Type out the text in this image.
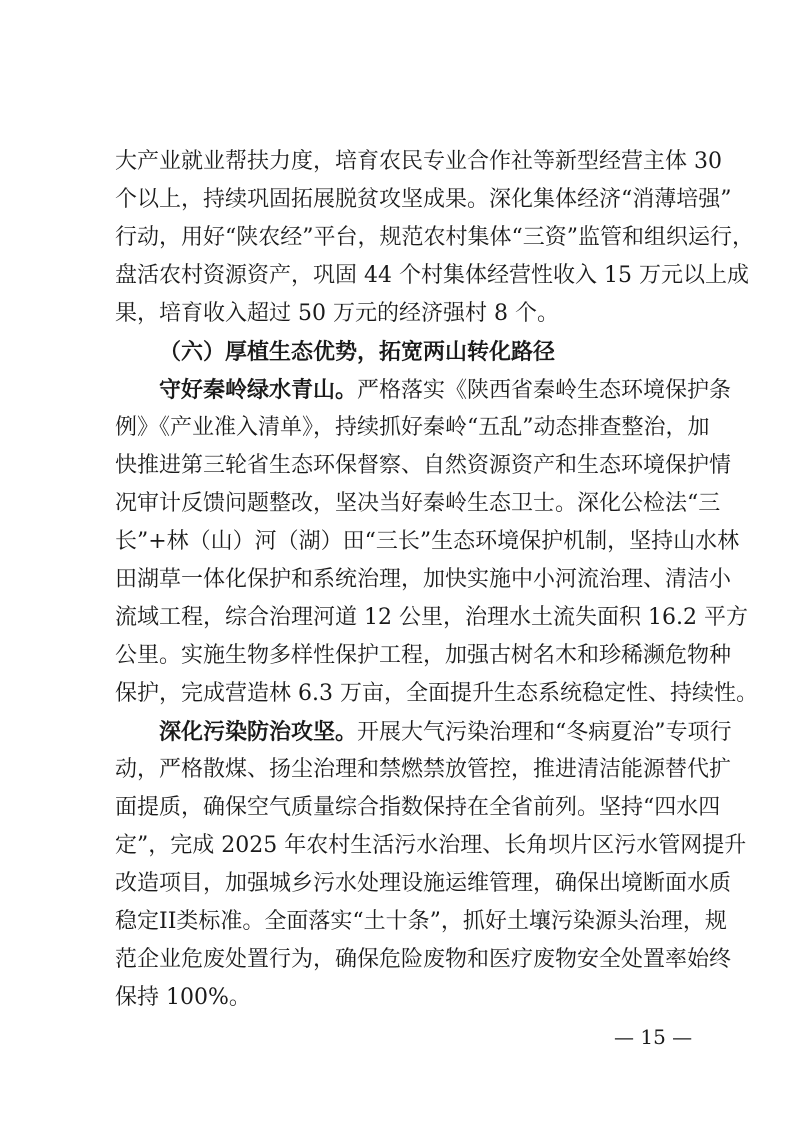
大产业就业帮扶力度，培育农民专业合作社等新型经营主体 30
个以上，持续巩固拓展脱贫攻坚成果。深化集体经济“消薄培强”
行动，用好“陕农经”平台，规范农村集体“三资”监管和组织运行，
盘活农村资源资产，巩固 44 个村集体经营性收入 15 万元以上成
果，培育收入超过 50 万元的经济强村 8 个。
（六）厚植生态优势，拓宽两山转化路径
守好秦岭绿水青山。严格落实《陕西省秦岭生态环境保护条
例》《产业准入清单》，持续抓好秦岭“五乱”动态排查整治，加
快推进第三轮省生态环保督察、自然资源资产和生态环境保护情
况审计反馈问题整改，坚决当好秦岭生态卫士。深化公检法“三
长”+林（山）河（湖）田“三长”生态环境保护机制，坚持山水林
田湖草一体化保护和系统治理，加快实施中小河流治理、清洁小
流域工程，综合治理河道 12 公里，治理水土流失面积 16.2 平方
公里。实施生物多样性保护工程，加强古树名木和珍稀濒危物种
保护，完成营造林 6.3 万亩，全面提升生态系统稳定性、持续性。
深化污染防治攻坚。开展大气污染治理和“冬病夏治”专项行
动，严格散煤、扬尘治理和禁燃禁放管控，推进清洁能源替代扩
面提质，确保空气质量综合指数保持在全省前列。坚持“四水四
定”，完成 2025 年农村生活污水治理、长角坝片区污水管网提升
改造项目，加强城乡污水处理设施运维管理，确保出境断面水质
稳定II类标准。全面落实“土十条”，抓好土壤污染源头治理，规
范企业危废处置行为，确保危险废物和医疗废物安全处置率始终
保持 100%。
— 15 —
